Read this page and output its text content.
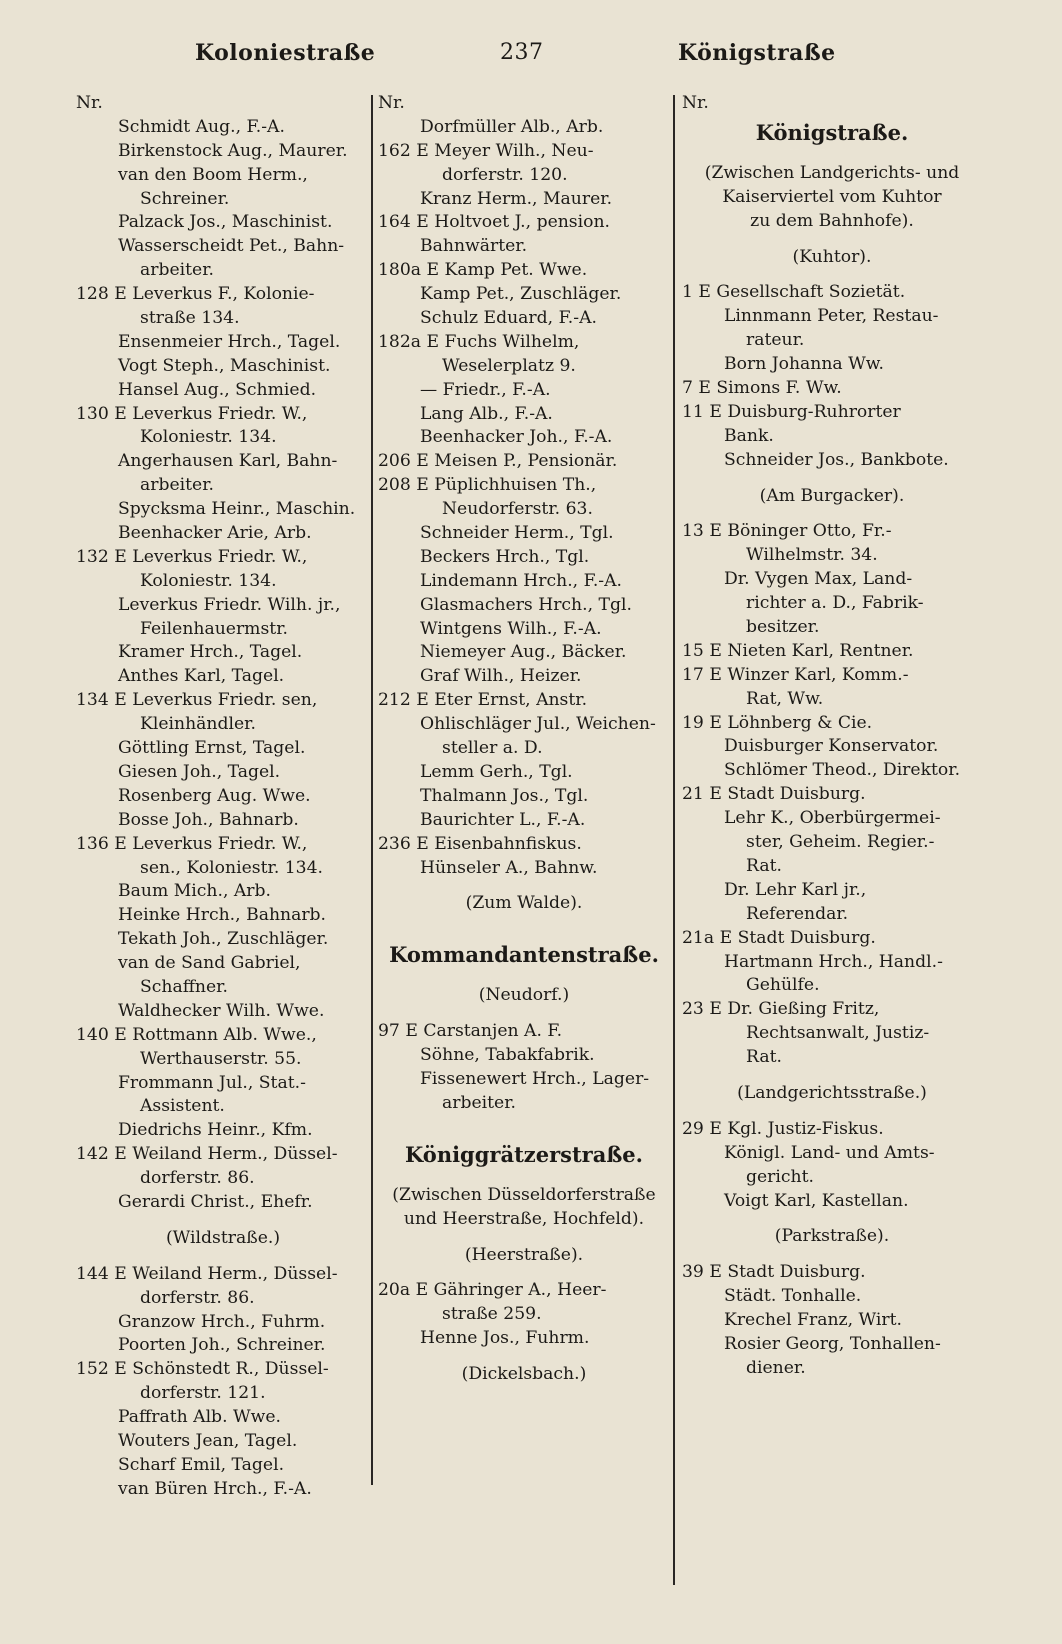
Koloniestraße	237	Königstraße
Nr.
Schmidt Aug., F.-A.
Birkenstock Aug., Maurer.
van den Boom Herm.,
Schreiner.
Palzack Jos., Maschinist.
Wasserscheidt Pet., Bahn-
arbeiter.
128 E Leverkus F., Kolonie-
straße 134.
Ensenmeier Hrch., Tagel.
Vogt Steph., Maschinist.
Hansel Aug., Schmied.
130 E Leverkus Friedr. W.,
Koloniestr. 134.
Angerhausen Karl, Bahn-
arbeiter.
Spycksma Heinr., Maschin.
Beenhacker Arie, Arb.
132 E Leverkus Friedr. W.,
Koloniestr. 134.
Leverkus Friedr. Wilh. jr.,
Feilenhauermstr.
Kramer Hrch., Tagel.
Anthes Karl, Tagel.
134 E Leverkus Friedr. sen,
Kleinhändler.
Göttling Ernst, Tagel.
Giesen Joh., Tagel.
Rosenberg Aug. Wwe.
Bosse Joh., Bahnarb.
136 E Leverkus Friedr. W.,
sen., Koloniestr. 134.
Baum Mich., Arb.
Heinke Hrch., Bahnarb.
Tekath Joh., Zuschläger.
van de Sand Gabriel,
Schaffner.
Waldhecker Wilh. Wwe.
140 E Rottmann Alb. Wwe.,
Werthauserstr. 55.
Frommann Jul., Stat.-
Assistent.
Diedrichs Heinr., Kfm.
142 E Weiland Herm., Düssel-
dorferstr. 86.
Gerardi Christ., Ehefr.
(Wildstraße.)
144 E Weiland Herm., Düssel-
dorferstr. 86.
Granzow Hrch., Fuhrm.
Poorten Joh., Schreiner.
152 E Schönstedt R., Düssel-
dorferstr. 121.
Paffrath Alb. Wwe.
Wouters Jean, Tagel.
Scharf Emil, Tagel.
van Büren Hrch., F.-A.
Nr.
Dorfmüller Alb., Arb.
162 E Meyer Wilh., Neu-
dorferstr. 120.
Kranz Herm., Maurer.
164 E Holtvoet J., pension.
Bahnwärter.
180a E Kamp Pet. Wwe.
Kamp Pet., Zuschläger.
Schulz Eduard, F.-A.
182a E Fuchs Wilhelm,
Weselerplatz 9.
— Friedr., F.-A.
Lang Alb., F.-A.
Beenhacker Joh., F.-A.
206 E Meisen P., Pensionär.
208 E Püplichhuisen Th.,
Neudorferstr. 63.
Schneider Herm., Tgl.
Beckers Hrch., Tgl.
Lindemann Hrch., F.-A.
Glasmachers Hrch., Tgl.
Wintgens Wilh., F.-A.
Niemeyer Aug., Bäcker.
Graf Wilh., Heizer.
212 E Eter Ernst, Anstr.
Ohlischläger Jul., Weichen-
steller a. D.
Lemm Gerh., Tgl.
Thalmann Jos., Tgl.
Baurichter L., F.-A.
236 E Eisenbahnfiskus.
Hünseler A., Bahnw.
(Zum Walde).
Kommandantenstraße.
(Neudorf.)
97 E Carstanjen A. F.
Söhne, Tabakfabrik.
Fissenewert Hrch., Lager-
arbeiter.
Königgrätzerstraße.
(Zwischen Düsseldorferstraße
und Heerstraße, Hochfeld).
(Heerstraße).
20a E Gähringer A., Heer-
straße 259.
Henne Jos., Fuhrm.
(Dickelsbach.)
Nr.
Königstraße.
(Zwischen Landgerichts- und
Kaiserviertel vom Kuhtor
zu dem Bahnhofe).
(Kuhtor).
1 E Gesellschaft Sozietät.
Linnmann Peter, Restau-
rateur.
Born Johanna Ww.
7 E Simons F. Ww.
11 E Duisburg-Ruhrorter
Bank.
Schneider Jos., Bankbote.
(Am Burgacker).
13 E Böninger Otto, Fr.-
Wilhelmstr. 34.
Dr. Vygen Max, Land-
richter a. D., Fabrik-
besitzer.
15 E Nieten Karl, Rentner.
17 E Winzer Karl, Komm.-
Rat, Ww.
19 E Löhnberg & Cie.
Duisburger Konservator.
Schlömer Theod., Direktor.
21 E Stadt Duisburg.
Lehr K., Oberbürgermei-
ster, Geheim. Regier.-
Rat.
Dr. Lehr Karl jr.,
Referendar.
21a E Stadt Duisburg.
Hartmann Hrch., Handl.-
Gehülfe.
23 E Dr. Gießing Fritz,
Rechtsanwalt, Justiz-
Rat.
(Landgerichtsstraße.)
29 E Kgl. Justiz-Fiskus.
Königl. Land- und Amts-
gericht.
Voigt Karl, Kastellan.
(Parkstraße).
39 E Stadt Duisburg.
Städt. Tonhalle.
Krechel Franz, Wirt.
Rosier Georg, Tonhallen-
diener.
